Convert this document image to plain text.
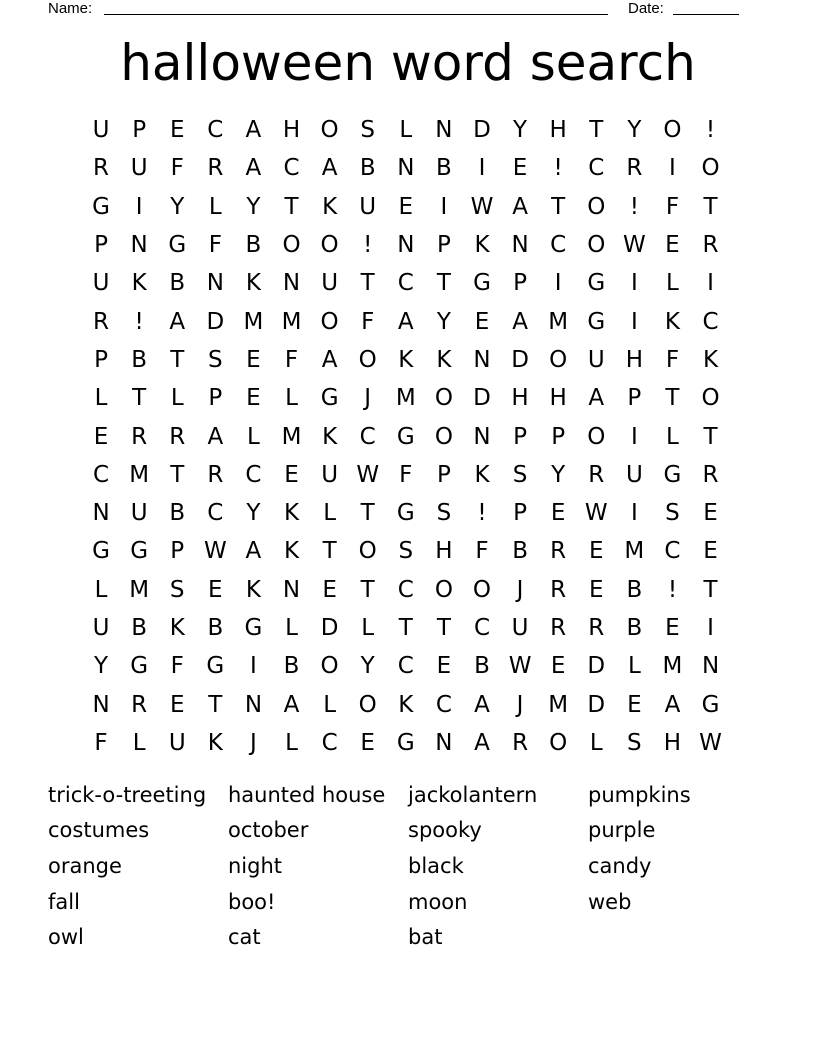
Name:	Date:
halloween word search
U P	E C A H O S	L	N D Y H T	Y O	!
R U	F	R A C A B N B	I	E	!	C R	I	O
G	I	Y	L	Y	T	K U E	I	W A	T O	!	F	T
P N G F	B O O	!	N P	K N C O W E R
U K B N K N U T	C	T G P	I	G	I	L	I
R	!	A D M M O F	A	Y	E A M G	I	K C
P	B	T	S	E	F	A O K	K N D O U H F	K
L	T	L	P	E	L G	J	M O D H H A	P	T O
E R R A	L M K C G O N P	P O	I	L	T
C M T	R C E U W F	P	K	S	Y	R U G R
N U B C	Y	K	L	T G S	!	P	E W	I	S	E
G G P W A K	T O S H F	B R E M C E
L M S	E	K N E	T	C O O	J	R E B	!	T
U B K B G L D L	T	T	C U R R B E	I
Y G F G	I	B O Y	C E B W E D L M N
N R E	T N A	L O K C A	J	M D E A G
F	L	U K	J	L	C E G N A R O L	S H W
trick-o-treeting	haunted house	jackolantern	pumpkins
costumes	october	spooky	purple
orange	night	black	candy
fall	boo!	moon	web
owl	cat	bat
